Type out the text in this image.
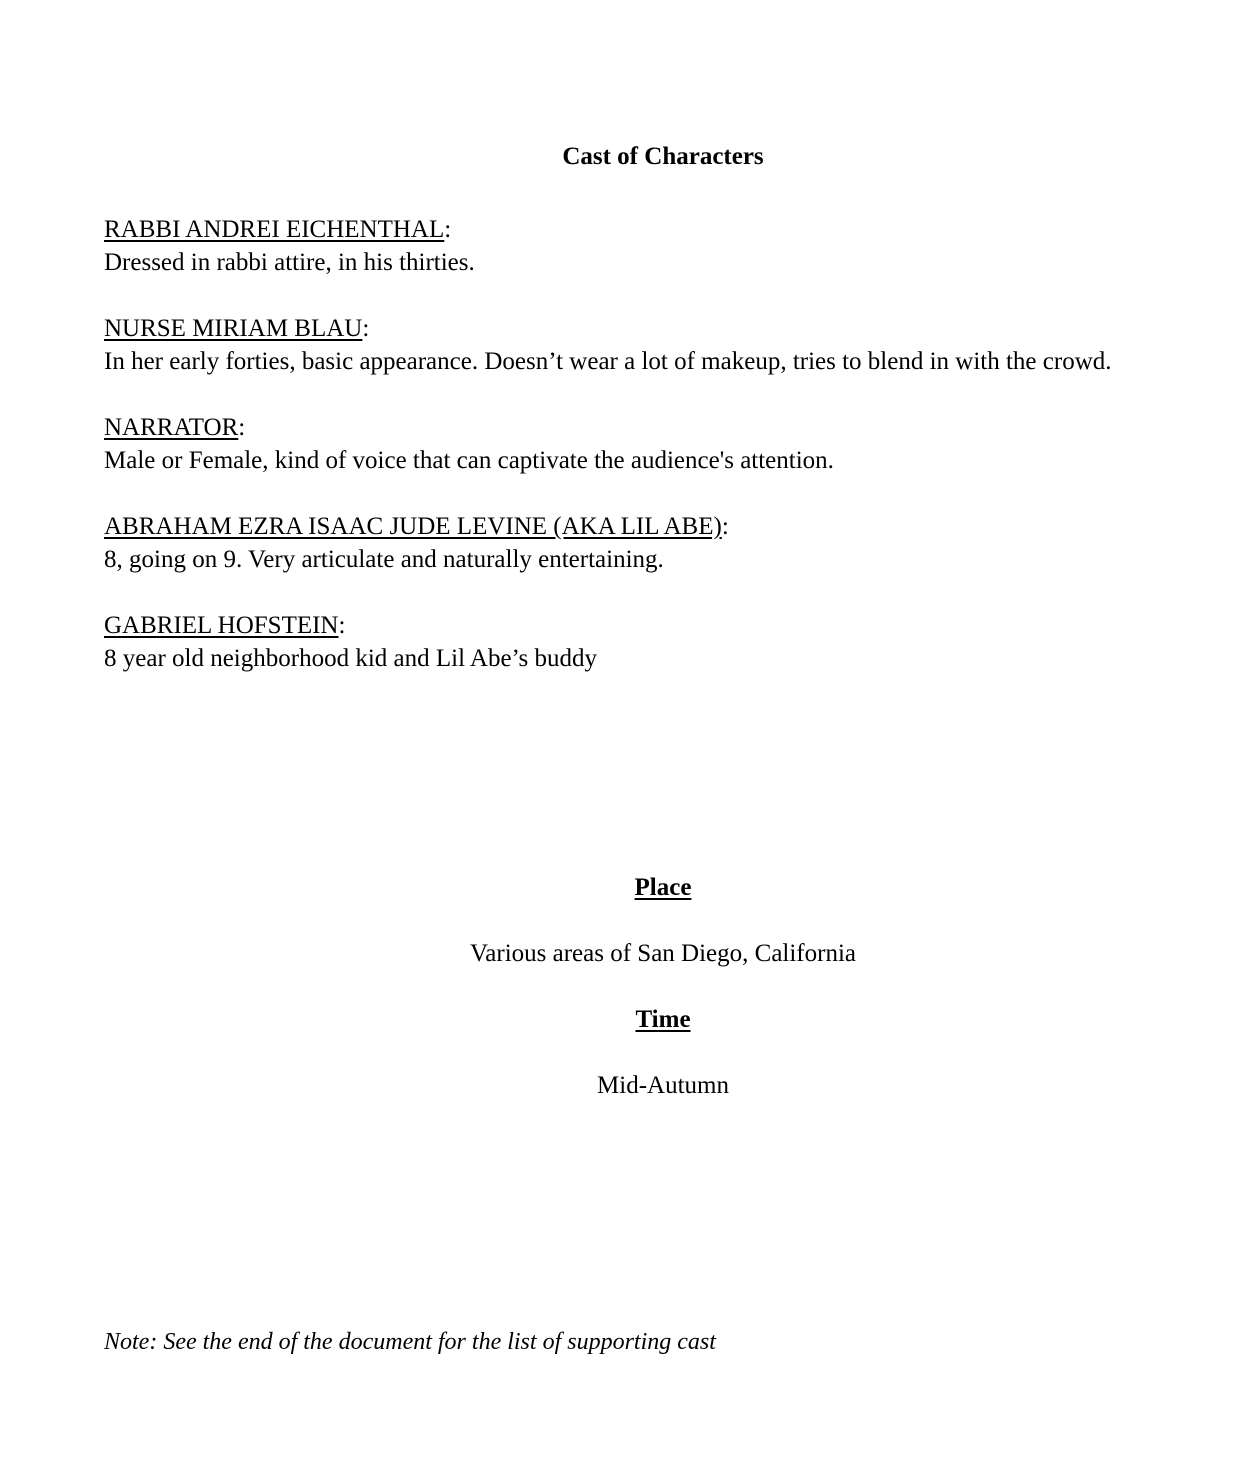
Cast of Characters

RABBI ANDREI EICHENTHAL:

Dressed in rabbi attire, in his thirties.

NURSE MIRIAM BLAU:

In her early forties, basic appearance. Doesn’t wear a lot of makeup, tries to blend in with the crowd.

NARRATOR:

Male or Female, kind of voice that can captivate the audience's attention.

ABRAHAM EZRA ISAAC JUDE LEVINE (AKA LIL ABE):

8, going on 9. Very articulate and naturally entertaining.

GABRIEL HOFSTEIN:

8 year old neighborhood kid and Lil Abe’s buddy

Place

Various areas of San Diego, California

Time

Mid-Autumn

Note: See the end of the document for the list of supporting cast
